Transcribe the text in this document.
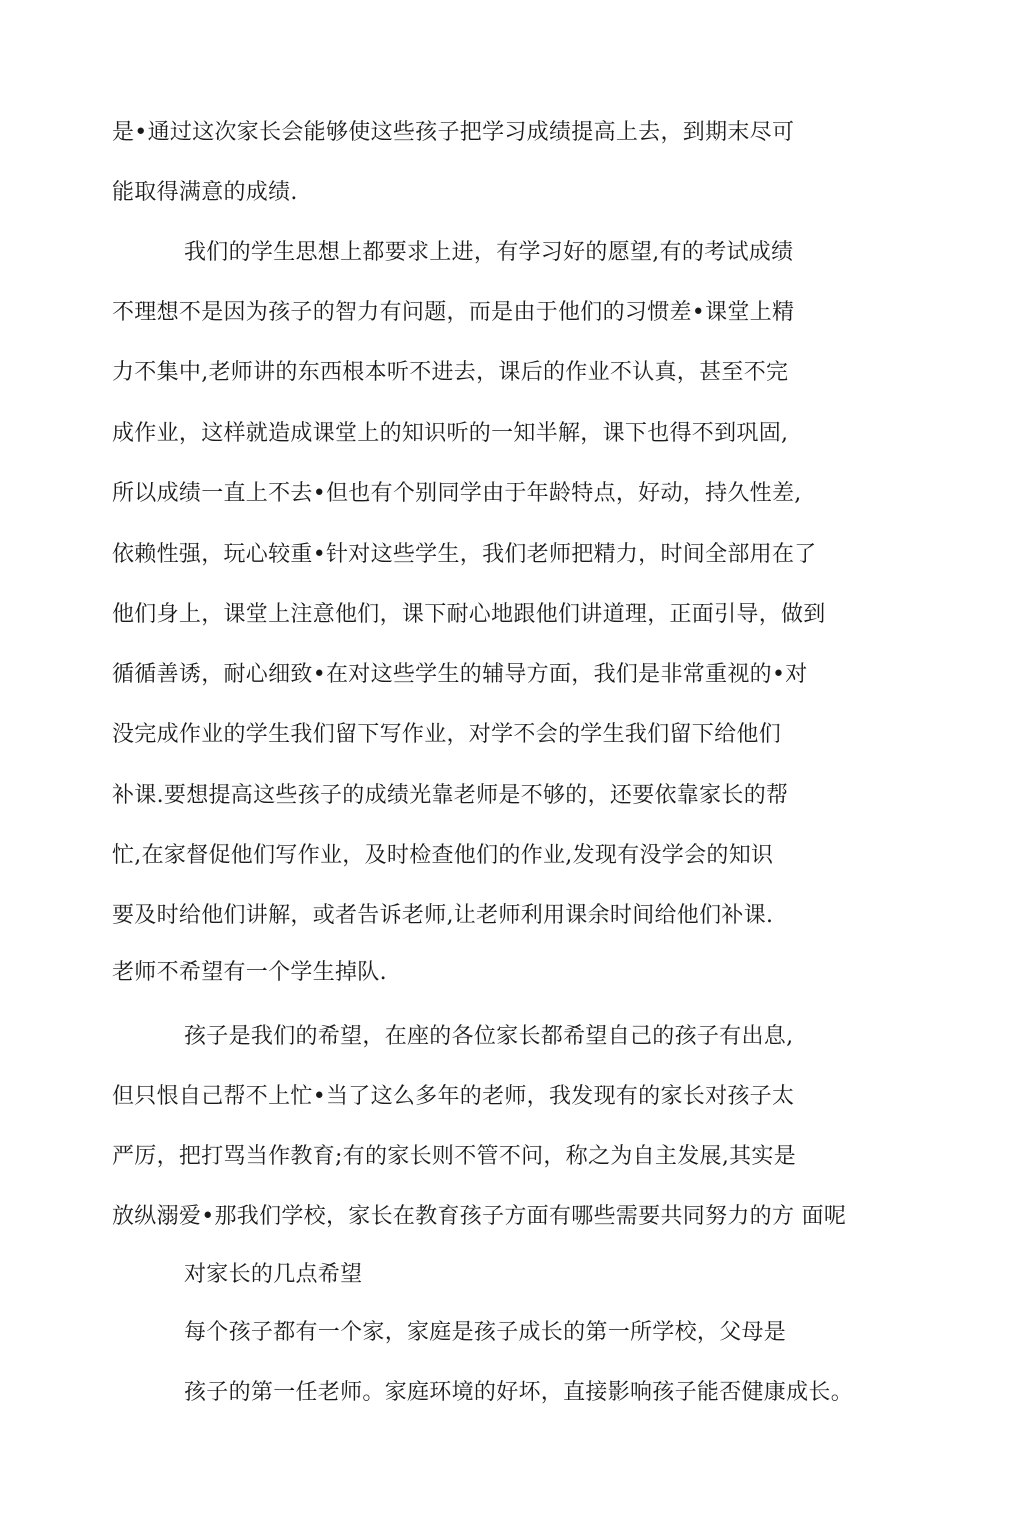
是•通过这次家长会能够使这些孩子把学习成绩提高上去，到期末尽可
能取得满意的成绩.
我们的学生思想上都要求上进，有学习好的愿望,有的考试成绩
不理想不是因为孩子的智力有问题，而是由于他们的习惯差•课堂上精
力不集中,老师讲的东西根本听不进去，课后的作业不认真，甚至不完
成作业，这样就造成课堂上的知识听的一知半解，课下也得不到巩固,
所以成绩一直上不去•但也有个别同学由于年龄特点，好动，持久性差,
依赖性强，玩心较重•针对这些学生，我们老师把精力，时间全部用在了
他们身上，课堂上注意他们，课下耐心地跟他们讲道理，正面引导，做到
循循善诱，耐心细致•在对这些学生的辅导方面，我们是非常重视的•对
没完成作业的学生我们留下写作业，对学不会的学生我们留下给他们
补课.要想提高这些孩子的成绩光靠老师是不够的，还要依靠家长的帮
忙,在家督促他们写作业，及时检查他们的作业,发现有没学会的知识
要及时给他们讲解，或者告诉老师,让老师利用课余时间给他们补课.
老师不希望有一个学生掉队.
孩子是我们的希望，在座的各位家长都希望自己的孩子有出息,
但只恨自己帮不上忙•当了这么多年的老师，我发现有的家长对孩子太
严厉，把打骂当作教育;有的家长则不管不问，称之为自主发展,其实是
放纵溺爱•那我们学校，家长在教育孩子方面有哪些需要共同努力的方 面呢
对家长的几点希望
每个孩子都有一个家，家庭是孩子成长的第一所学校，父母是
孩子的第一任老师。家庭环境的好坏，直接影响孩子能否健康成长。
